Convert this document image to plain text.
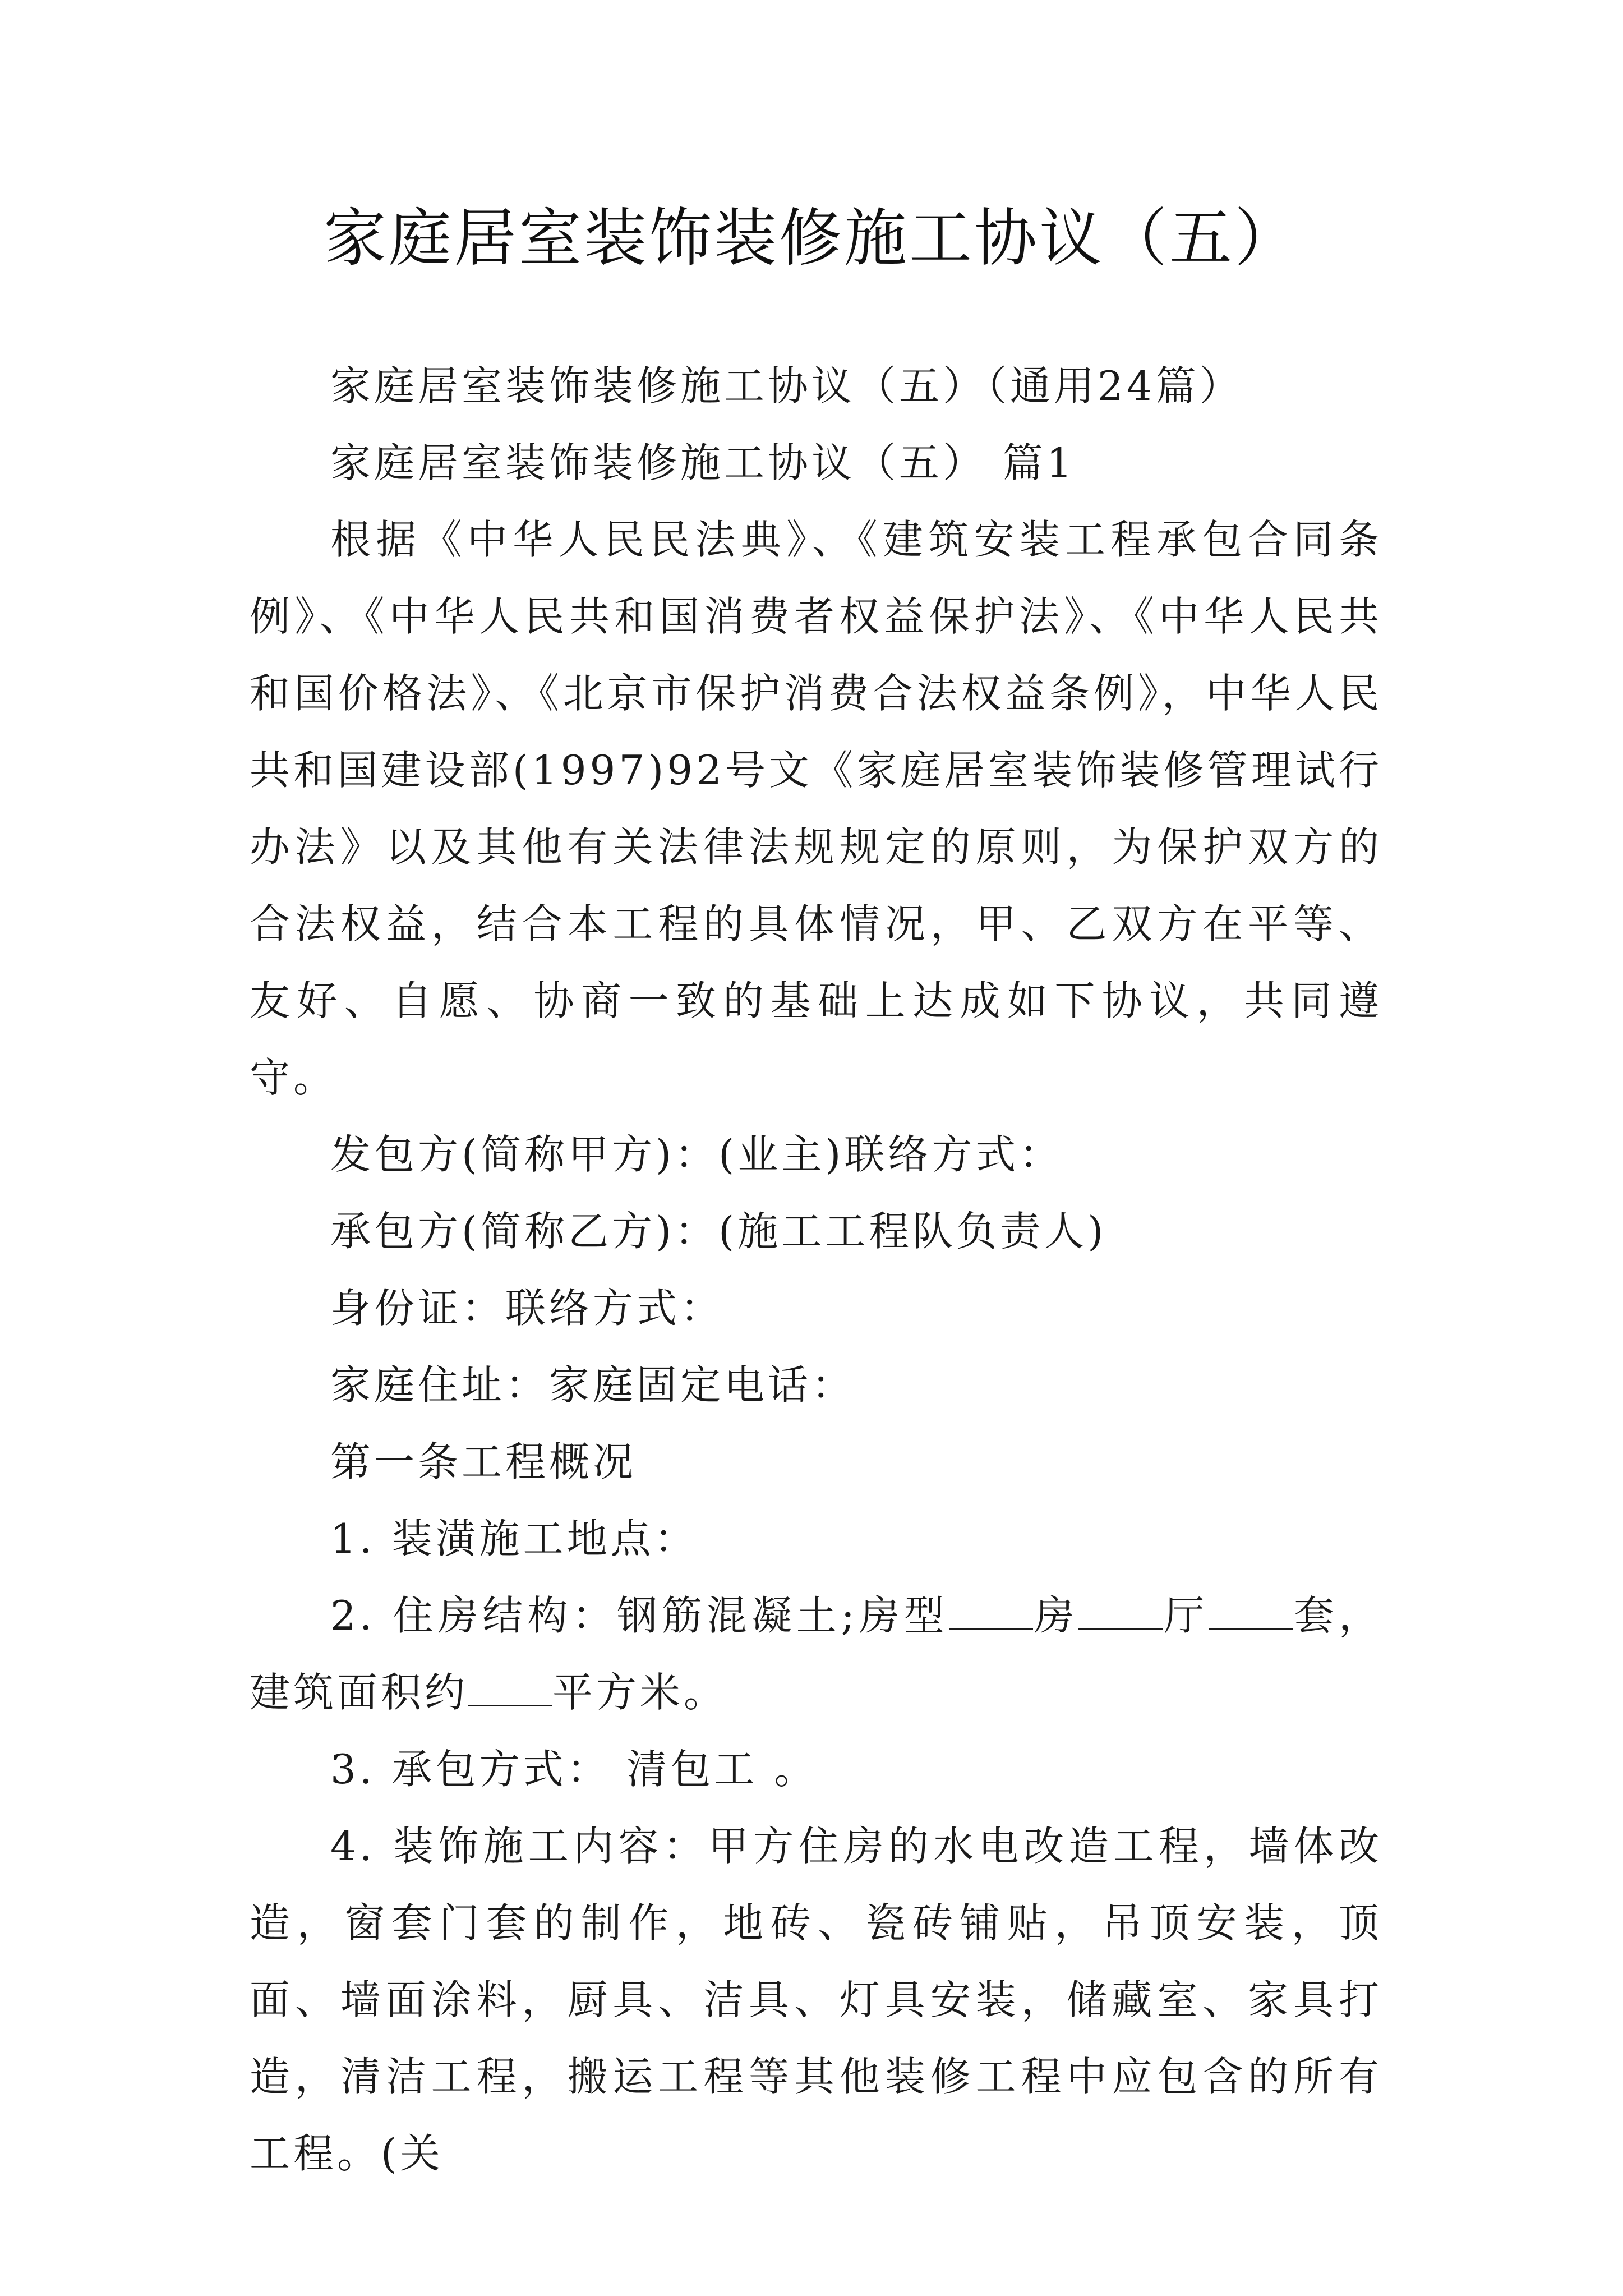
家庭居室装饰装修施工协议（五）

家庭居室装饰装修施工协议（五）（通用24篇）

家庭居室装饰装修施工协议（五） 篇1

根据《中华人民民法典》、《建筑安装工程承包合同条例》、《中华人民共和国消费者权益保护法》、《中华人民共和国价格法》、《北京市保护消费合法权益条例》，中华人民共和国建设部(1997)92号文《家庭居室装饰装修管理试行办法》以及其他有关法律法规规定的原则，为保护双方的合法权益，结合本工程的具体情况，甲、乙双方在平等、友好、自愿、协商一致的基础上达成如下协议，共同遵守。

发包方(简称甲方)：(业主)联络方式：

承包方(简称乙方)：(施工工程队负责人)

身份证：联络方式：

家庭住址：家庭固定电话：

第一条工程概况

1. 装潢施工地点：

2. 住房结构：钢筋混凝土;房型 房 厅 套，建筑面积约 平方米。

3. 承包方式： 清包工 。

4. 装饰施工内容：甲方住房的水电改造工程，墙体改造，窗套门套的制作，地砖、瓷砖铺贴，吊顶安装，顶面、墙面涂料，厨具、洁具、灯具安装，储藏室、家具打造，清洁工程，搬运工程等其他装修工程中应包含的所有工程。(关
